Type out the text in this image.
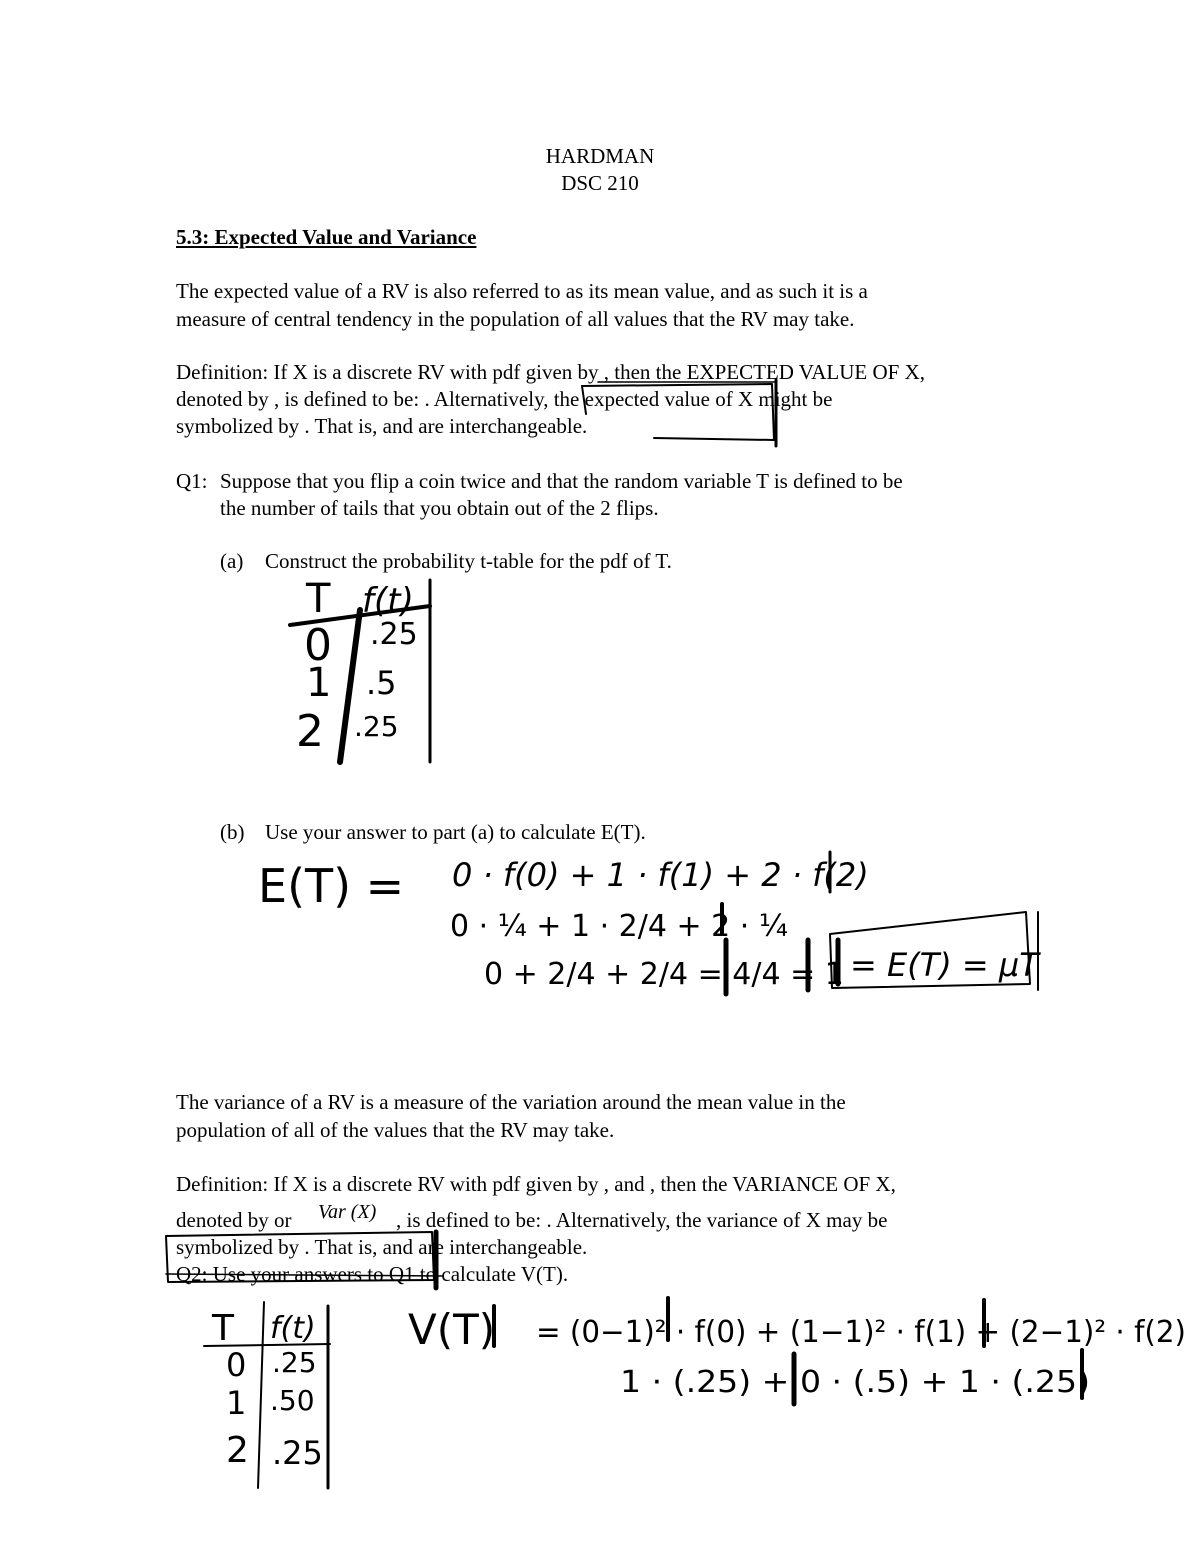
HARDMAN
DSC 210
5.3: Expected Value and Variance
The expected value of a RV is also referred to as its mean value, and as such it is a
measure of central tendency in the population of all values that the RV may take.
Definition: If X is a discrete RV with pdf given by , then the EXPECTED VALUE OF X,
denoted by , is defined to be: . Alternatively, the expected value of X might be
symbolized by . That is, and are interchangeable.
Q1: Suppose that you flip a coin twice and that the random variable T is defined to be
the number of tails that you obtain out of the 2 flips.
(a) Construct the probability t-table for the pdf of T.
(b) Use your answer to part (a) to calculate E(T).
The variance of a RV is a measure of the variation around the mean value in the
population of all of the values that the RV may take.
Definition: If X is a discrete RV with pdf given by , and , then the VARIANCE OF X,
denoted by or Var (X) , is defined to be: . Alternatively, the variance of X may be
symbolized by . That is, and are interchangeable.
Q2: Use your answers to Q1 to calculate V(T).
T f(t)
0 .25
1 .5
2 .25
E(T) = 0 · f(0) + 1 · f(1) + 2 · f(2)
0 · ¼ + 1 · 2/4 + 2 · ¼
0 + 2/4 + 2/4 = 4/4 = 1 = E(T) = μT
T f(t)
0 .25
1 .50
2 .25
V(T) = (0−1)² · f(0) + (1−1)² · f(1) + (2−1)² · f(2)
1 · (.25) + 0 · (.5) + 1 · (.25)
